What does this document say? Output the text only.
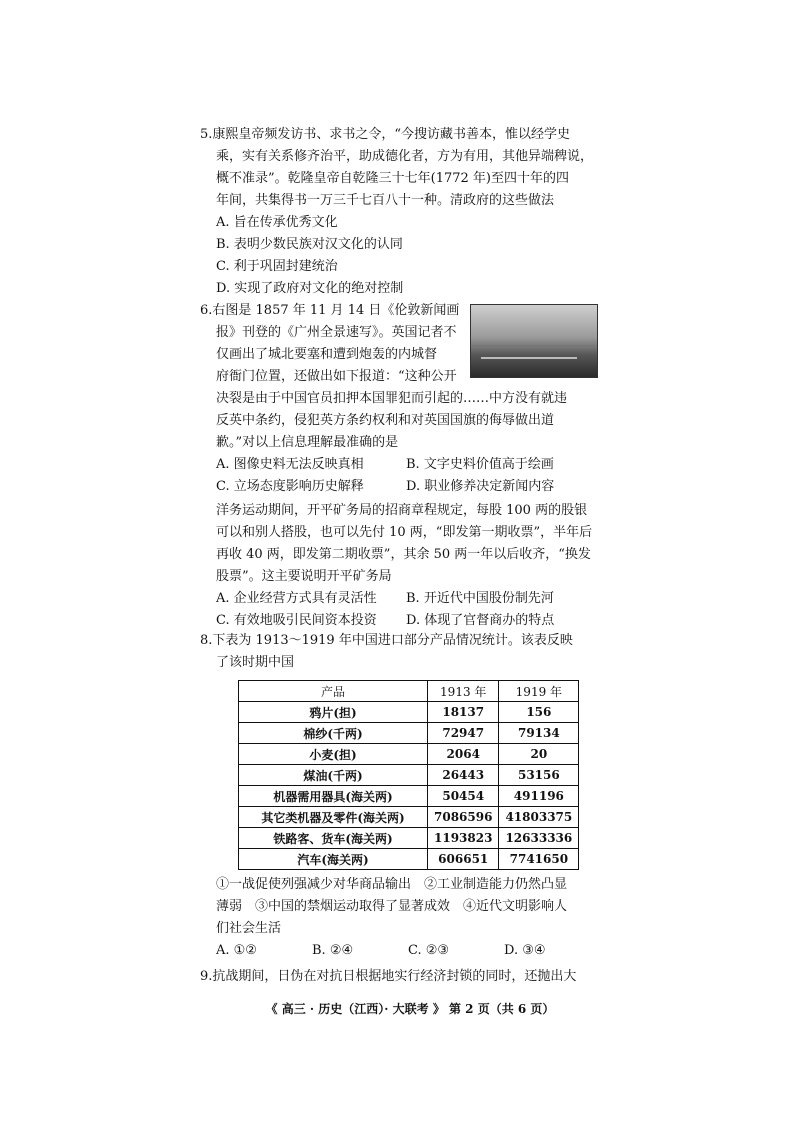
5.康熙皇帝频发访书、求书之令，“今搜访藏书善本，惟以经学史

乘，实有关系修齐治平，助成德化者，方为有用，其他异端稗说，

概不准录”。乾隆皇帝自乾隆三十七年(1772 年)至四十年的四

年间，共集得书一万三千七百八十一种。清政府的这些做法

A. 旨在传承优秀文化

B. 表明少数民族对汉文化的认同

C. 利于巩固封建统治

D. 实现了政府对文化的绝对控制

6.右图是 1857 年 11 月 14 日《伦敦新闻画

报》刊登的《广州全景速写》。英国记者不

仅画出了城北要塞和遭到炮轰的内城督

府衙门位置，还做出如下报道：“这种公开

决裂是由于中国官员扣押本国罪犯而引起的……中方没有就违

反英中条约，侵犯英方条约权利和对英国国旗的侮辱做出道

歉。”对以上信息理解最准确的是

A. 图像史料无法反映真相	B. 文字史料价值高于绘画
C. 立场态度影响历史解释	D. 职业修养决定新闻内容

洋务运动期间，开平矿务局的招商章程规定，每股 100 两的股银

可以和别人搭股，也可以先付 10 两，“即发第一期收票”，半年后

再收 40 两，即发第二期收票”，其余 50 两一年以后收齐，“换发

股票”。这主要说明开平矿务局

A. 企业经营方式具有灵活性	B. 开近代中国股份制先河
C. 有效地吸引民间资本投资	D. 体现了官督商办的特点

8.下表为 1913～1919 年中国进口部分产品情况统计。该表反映

了该时期中国

产品	1913 年	1919 年
鸦片(担)	18137	156
棉纱(千两)	72947	79134
小麦(担)	2064	20
煤油(千两)	26443	53156
机器需用器具(海关两)	50454	491196
其它类机器及零件(海关两)	7086596	41803375
铁路客、货车(海关两)	1193823	12633336
汽车(海关两)	606651	7741650

①一战促使列强减少对华商品输出　②工业制造能力仍然凸显

薄弱　③中国的禁烟运动取得了显著成效　④近代文明影响人

们社会生活

A. ①②	B. ②④	C. ②③	D. ③④

9.抗战期间，日伪在对抗日根据地实行经济封锁的同时，还抛出大

《 高三 · 历史（江西）· 大联考 》 第 2 页（共 6 页）
